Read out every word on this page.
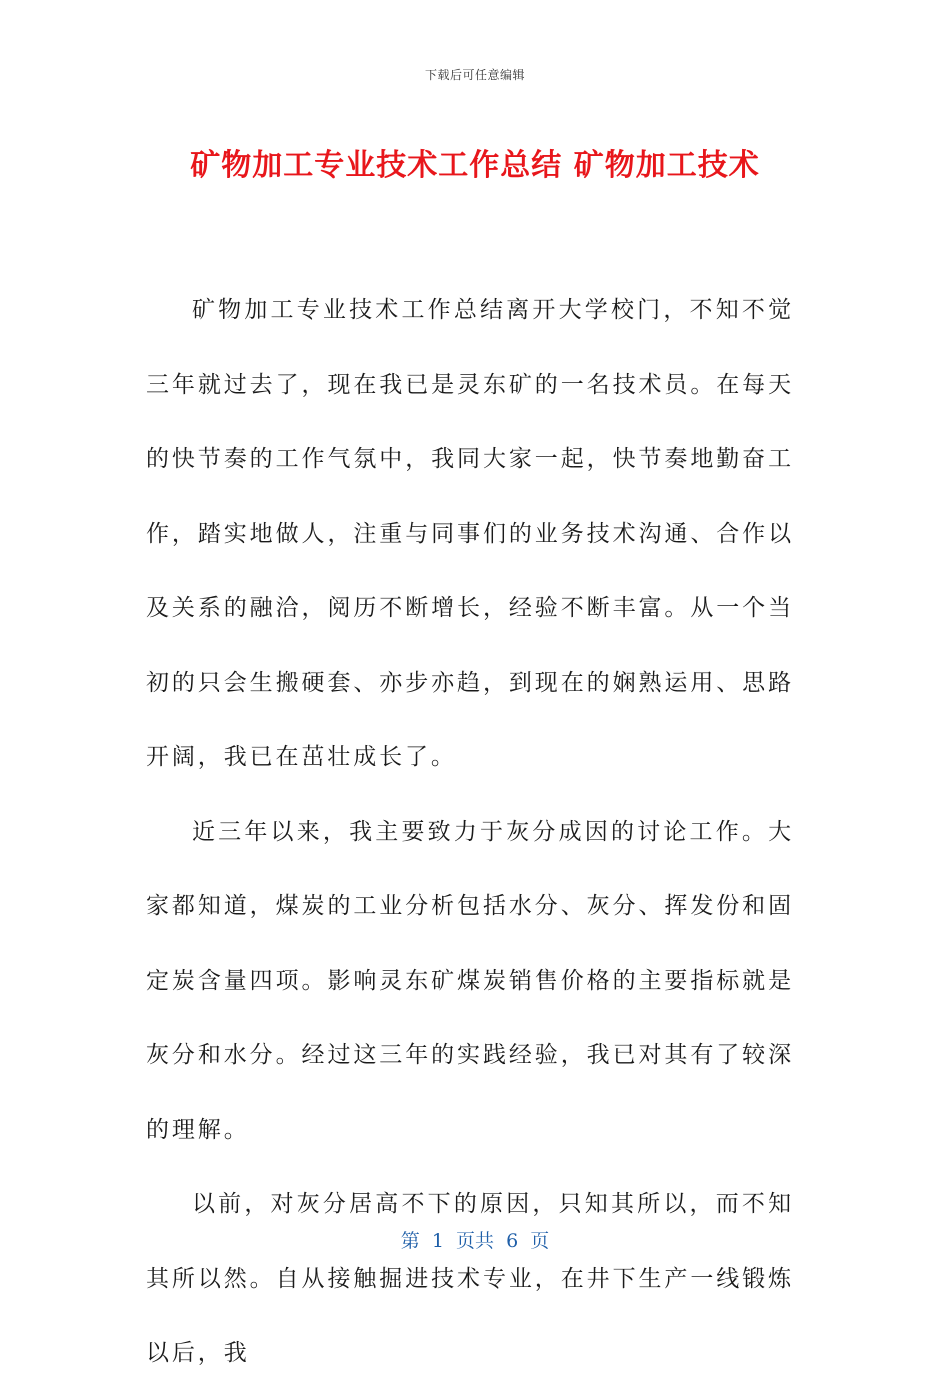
下载后可任意编辑
矿物加工专业技术工作总结 矿物加工技术

矿物加工专业技术工作总结离开大学校门，不知不觉三年就过去了，现在我已是灵东矿的一名技术员。在每天的快节奏的工作气氛中，我同大家一起，快节奏地勤奋工作，踏实地做人，注重与同事们的业务技术沟通、合作以及关系的融洽，阅历不断增长，经验不断丰富。从一个当初的只会生搬硬套、亦步亦趋，到现在的娴熟运用、思路开阔，我已在茁壮成长了。

近三年以来，我主要致力于灰分成因的讨论工作。大家都知道，煤炭的工业分析包括水分、灰分、挥发份和固定炭含量四项。影响灵东矿煤炭销售价格的主要指标就是灰分和水分。经过这三年的实践经验，我已对其有了较深的理解。

以前，对灰分居高不下的原因，只知其所以，而不知其所以然。自从接触掘进技术专业，在井下生产一线锻炼以后，我

第  1  页共  6  页
